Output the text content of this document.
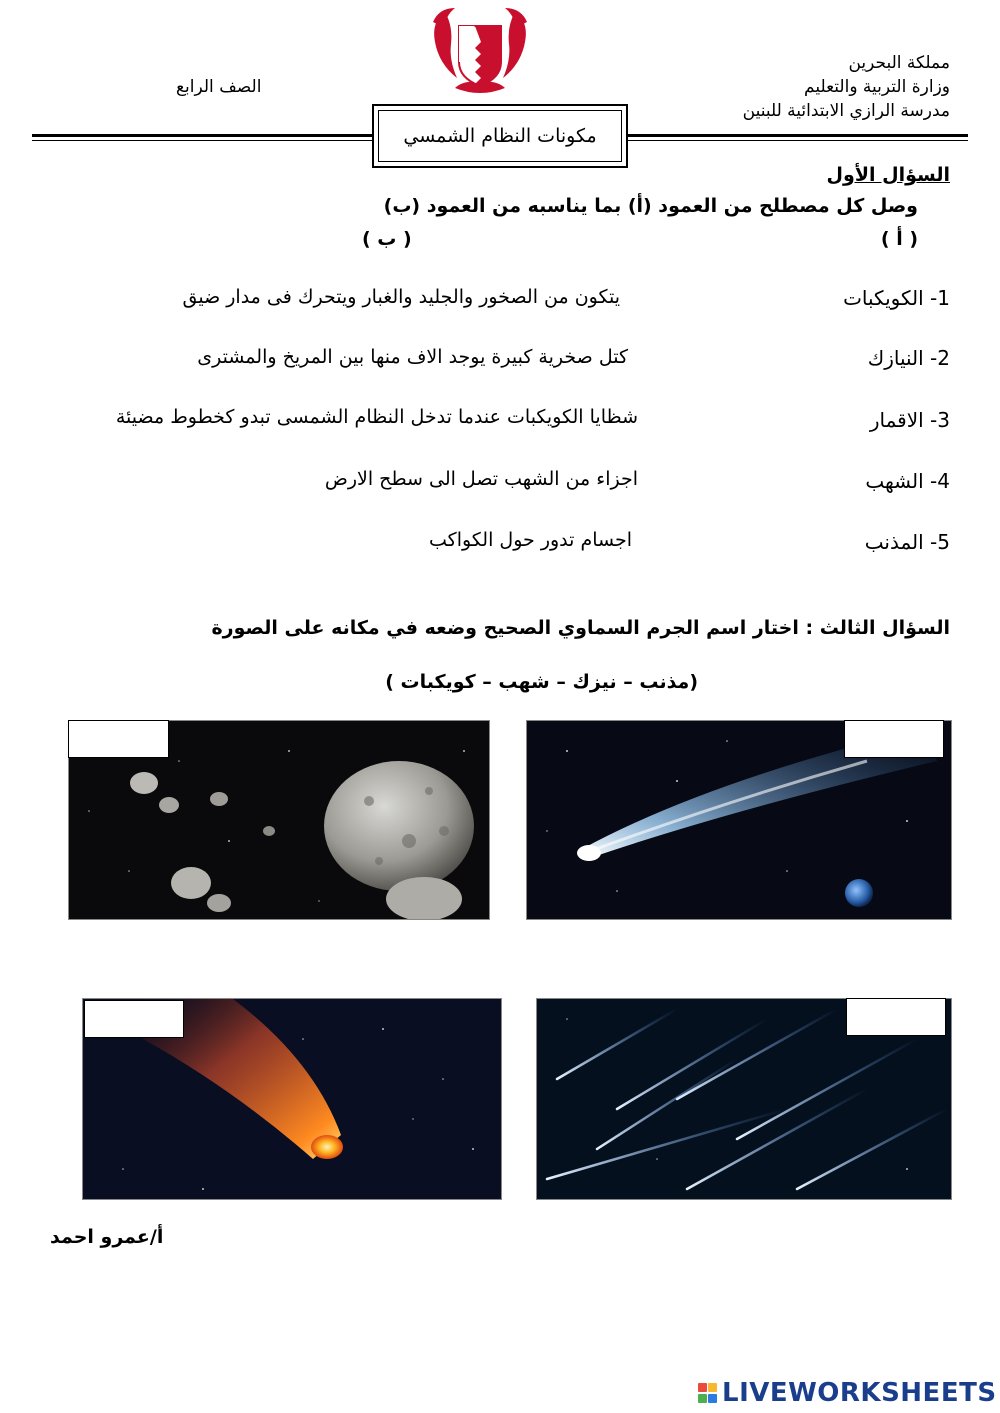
مملكة البحرين
وزارة التربية والتعليم
مدرسة الرازي الابتدائية للبنين
الصف الرابع
مكونات النظام الشمسي
السؤال الأول
وصل كل مصطلح من العمود (أ) بما يناسبه من العمود (ب)
( أ )
( ب )
1- الكويكبات
يتكون من الصخور والجليد والغبار ويتحرك فى مدار ضيق
2- النيازك
كتل صخرية كبيرة يوجد الاف منها بين المريخ والمشترى
3- الاقمار
شظايا الكويكبات عندما تدخل النظام الشمسى تبدو كخطوط مضيئة
4- الشهب
اجزاء من الشهب تصل الى سطح الارض
5- المذنب
اجسام تدور حول الكواكب
السؤال الثالث : اختار اسم الجرم السماوي الصحيح وضعه في مكانه على الصورة
(مذنب – نيزك – شهب – كويكبات )
أ/عمرو احمد
LIVEWORKSHEETS
